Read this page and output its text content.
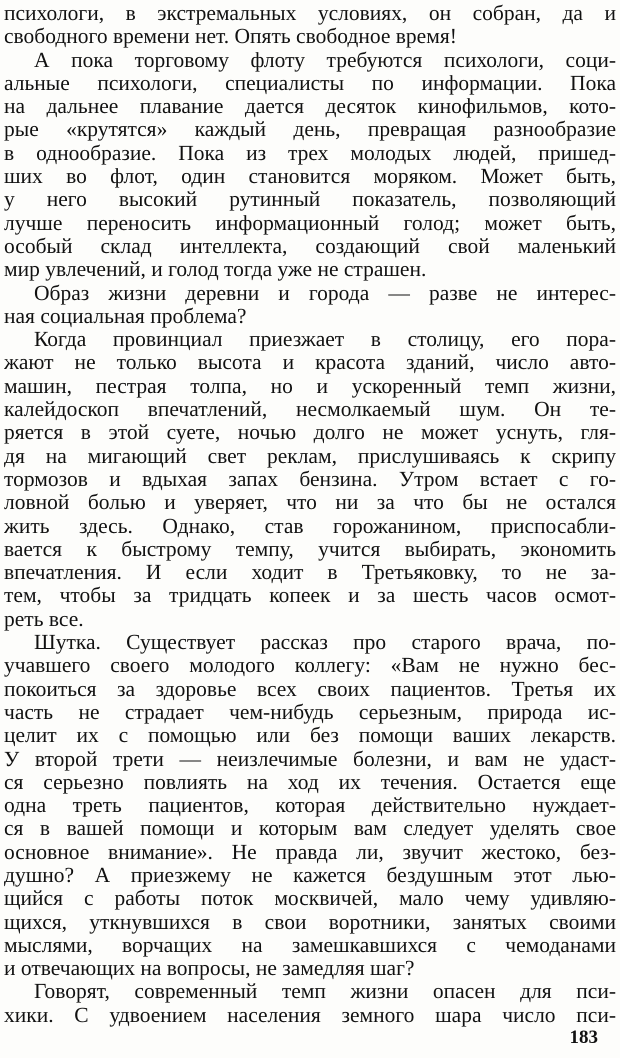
психологи, в экстремальных условиях, он собран, да и
свободного времени нет. Опять свободное время!
А пока торговому флоту требуются психологи, соци-
альные психологи, специалисты по информации. Пока
на дальнее плавание дается десяток кинофильмов, кото-
рые «крутятся» каждый день, превращая разнообразие
в однообразие. Пока из трех молодых людей, пришед-
ших во флот, один становится моряком. Может быть,
у него высокий рутинный показатель, позволяющий
лучше переносить информационный голод; может быть,
особый склад интеллекта, создающий свой маленький
мир увлечений, и голод тогда уже не страшен.
Образ жизни деревни и города — разве не интерес-
ная социальная проблема?
Когда провинциал приезжает в столицу, его пора-
жают не только высота и красота зданий, число авто-
машин, пестрая толпа, но и ускоренный темп жизни,
калейдоскоп впечатлений, несмолкаемый шум. Он те-
ряется в этой суете, ночью долго не может уснуть, гля-
дя на мигающий свет реклам, прислушиваясь к скрипу
тормозов и вдыхая запах бензина. Утром встает с го-
ловной болью и уверяет, что ни за что бы не остался
жить здесь. Однако, став горожанином, приспосабли-
вается к быстрому темпу, учится выбирать, экономить
впечатления. И если ходит в Третьяковку, то не за-
тем, чтобы за тридцать копеек и за шесть часов осмот-
реть все.
Шутка. Существует рассказ про старого врача, по-
учавшего своего молодого коллегу: «Вам не нужно бес-
покоиться за здоровье всех своих пациентов. Третья их
часть не страдает чем-нибудь серьезным, природа ис-
целит их с помощью или без помощи ваших лекарств.
У второй трети — неизлечимые болезни, и вам не удаст-
ся серьезно повлиять на ход их течения. Остается еще
одна треть пациентов, которая действительно нуждает-
ся в вашей помощи и которым вам следует уделять свое
основное внимание». Не правда ли, звучит жестоко, без-
душно? А приезжему не кажется бездушным этот лью-
щийся с работы поток москвичей, мало чему удивляю-
щихся, уткнувшихся в свои воротники, занятых своими
мыслями, ворчащих на замешкавшихся с чемоданами
и отвечающих на вопросы, не замедляя шаг?
Говорят, современный темп жизни опасен для пси-
хики. С удвоением населения земного шара число пси-
183
